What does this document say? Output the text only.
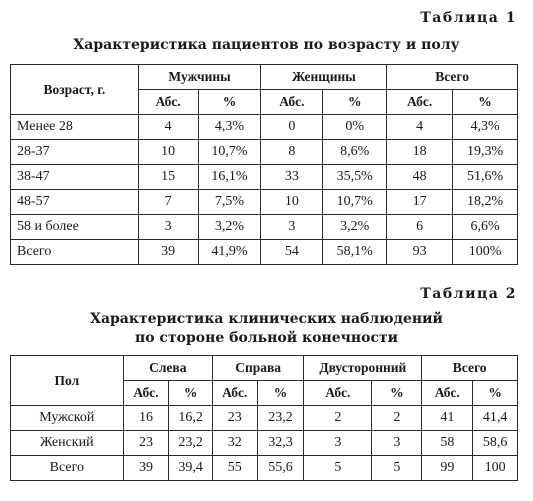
Таблица 1
Характеристика пациентов по возрасту и полу
Возраст, г.	Мужчины		Женщины		Всего	
	Абс.	%	Абс.	%	Абс.	%
Менее 28	4	4,3%	0	0%	4	4,3%
28-37	10	10,7%	8	8,6%	18	19,3%
38-47	15	16,1%	33	35,5%	48	51,6%
48-57	7	7,5%	10	10,7%	17	18,2%
58 и более	3	3,2%	3	3,2%	6	6,6%
Всего	39	41,9%	54	58,1%	93	100%
Таблица 2
Характеристика клинических наблюдений
по стороне больной конечности
Пол	Слева		Справа		Двусторонний		Всего	
	Абс.	%	Абс.	%	Абс.	%	Абс.	%
Мужской	16	16,2	23	23,2	2	2	41	41,4
Женский	23	23,2	32	32,3	3	3	58	58,6
Всего	39	39,4	55	55,6	5	5	99	100
